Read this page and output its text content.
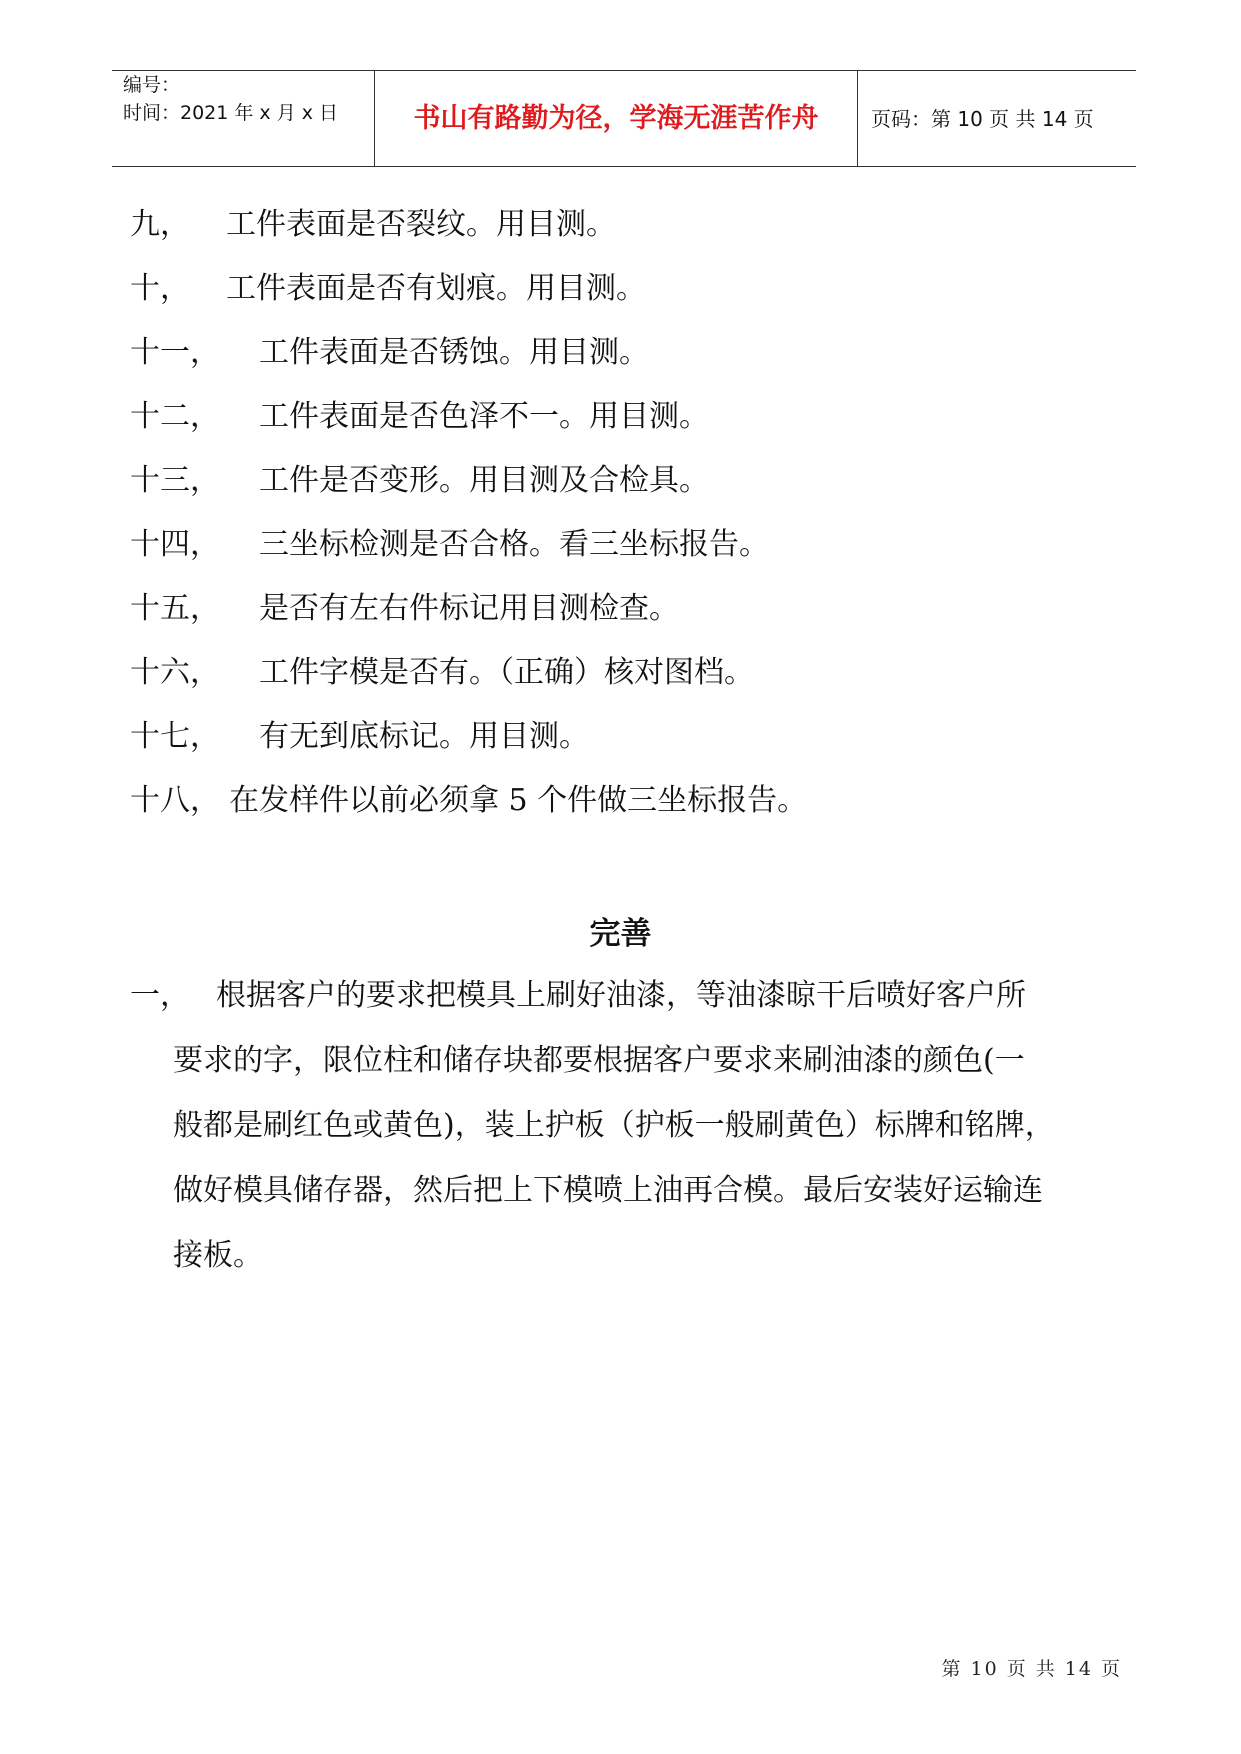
编号：
时间：2021 年 x 月 x 日	书山有路勤为径，学海无涯苦作舟	页码：第 10 页 共 14 页
九， 工件表面是否裂纹。用目测。
十， 工件表面是否有划痕。用目测。
十一， 工件表面是否锈蚀。用目测。
十二， 工件表面是否色泽不一。用目测。
十三， 工件是否变形。用目测及合检具。
十四， 三坐标检测是否合格。看三坐标报告。
十五， 是否有左右件标记用目测检查。
十六， 工件字模是否有。（正确）核对图档。
十七， 有无到底标记。用目测。
十八， 在发样件以前必须拿 5 个件做三坐标报告。
完善
一， 根据客户的要求把模具上刷好油漆，等油漆晾干后喷好客户所
要求的字，限位柱和储存块都要根据客户要求来刷油漆的颜色(一
般都是刷红色或黄色)，装上护板（护板一般刷黄色）标牌和铭牌，
做好模具储存器，然后把上下模喷上油再合模。最后安装好运输连
接板。
第 10 页 共 14 页
